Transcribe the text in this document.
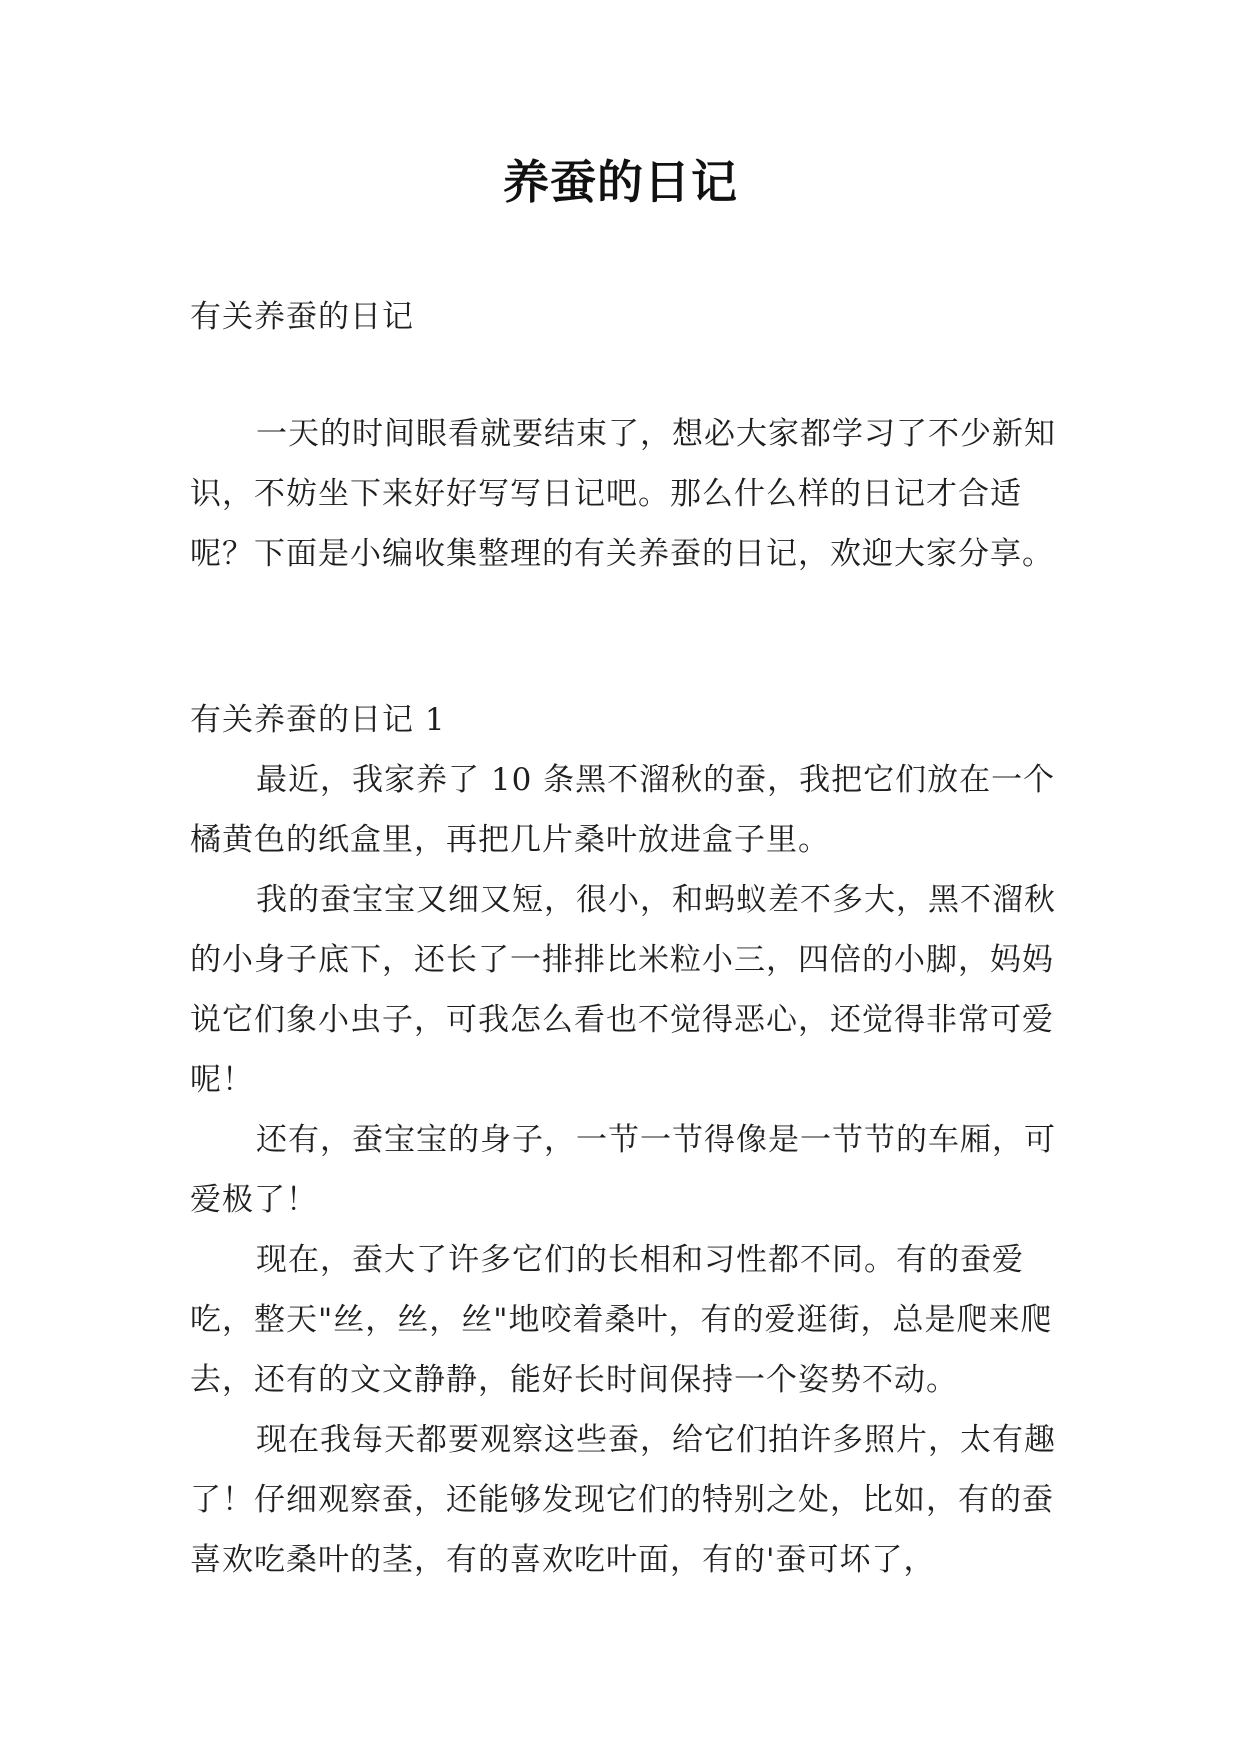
养蚕的日记

有关养蚕的日记

一天的时间眼看就要结束了，想必大家都学习了不少新知识，不妨坐下来好好写写日记吧。那么什么样的日记才合适呢？下面是小编收集整理的有关养蚕的日记，欢迎大家分享。

有关养蚕的日记 1

最近，我家养了 10 条黑不溜秋的蚕，我把它们放在一个橘黄色的纸盒里，再把几片桑叶放进盒子里。

我的蚕宝宝又细又短，很小，和蚂蚁差不多大，黑不溜秋的小身子底下，还长了一排排比米粒小三，四倍的小脚，妈妈说它们象小虫子，可我怎么看也不觉得恶心，还觉得非常可爱呢！

还有，蚕宝宝的身子，一节一节得像是一节节的车厢，可爱极了！

现在，蚕大了许多它们的长相和习性都不同。有的蚕爱吃，整天"丝，丝，丝"地咬着桑叶，有的爱逛街，总是爬来爬去，还有的文文静静，能好长时间保持一个姿势不动。

现在我每天都要观察这些蚕，给它们拍许多照片，太有趣了！仔细观察蚕，还能够发现它们的特别之处，比如，有的蚕喜欢吃桑叶的茎，有的喜欢吃叶面，有的'蚕可坏了，
